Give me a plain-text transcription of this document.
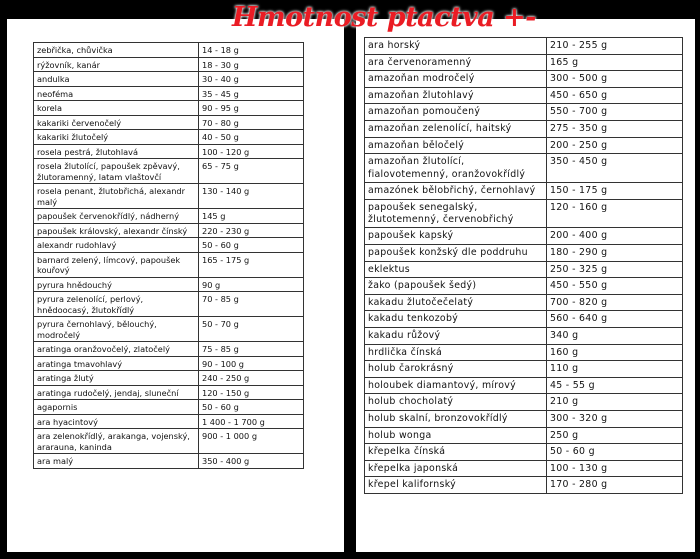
Hmotnost ptactva +-
zebřička, chůvička	14 - 18 g
rýžovník, kanár	18 - 30 g
andulka	30 - 40 g
neoféma	35 - 45 g
korela	90 - 95 g
kakariki červenočelý	70 - 80 g
kakariki žlutočelý	40 - 50 g
rosela pestrá, žlutohlavá	100 - 120 g
rosela žlutolící, papoušek zpěvavý, žlutoramenný, latam vlaštovčí	65 - 75 g
rosela penant, žlutobřichá, alexandr malý	130 - 140 g
papoušek červenokřídlý, nádherný	145 g
papoušek královský, alexandr čínský	220 - 230 g
alexandr rudohlavý	50 - 60 g
barnard zelený, límcový, papoušek kouřový	165 - 175 g
pyrura hnědouchý	90 g
pyrura zelenolící, perlový, hnědoocasý, žlutokřídlý	70 - 85 g
pyrura černohlavý, bělouchý, modročelý	50 - 70 g
aratinga oranžovočelý, zlatočelý	75 - 85 g
aratinga tmavohlavý	90 - 100 g
aratinga žlutý	240 - 250 g
aratinga rudočelý, jendaj, sluneční	120 - 150 g
agapornis	50 - 60 g
ara hyacintový	1 400 - 1 700 g
ara zelenokřídlý, arakanga, vojenský, ararauna, kaninda	900 - 1 000 g
ara malý	350 - 400 g
ara horský	210 - 255 g
ara červenoramenný	165 g
amazoňan modročelý	300 - 500 g
amazoňan žlutohlavý	450 - 650 g
amazoňan pomoučený	550 - 700 g
amazoňan zelenolící, haitský	275 - 350 g
amazoňan běločelý	200 - 250 g
amazoňan žlutolící, fialovotemenný, oranžovokřídlý	350 - 450 g
amazónek bělobřichý, černohlavý	150 - 175 g
papoušek senegalský, žlutotemenný, červenobřichý	120 - 160 g
papoušek kapský	200 - 400 g
papoušek konžský dle poddruhu	180 - 290 g
eklektus	250 - 325 g
žako (papoušek šedý)	450 - 550 g
kakadu žlutočečelatý	700 - 820 g
kakadu tenkozobý	560 - 640 g
kakadu růžový	340 g
hrdlička čínská	160 g
holub čarokrásný	110 g
holoubek diamantový, mírový	45 - 55 g
holub chocholatý	210 g
holub skalní, bronzovokřídlý	300 - 320 g
holub wonga	250 g
křepelka čínská	50 - 60 g
křepelka japonská	100 - 130 g
křepel kalifornský	170 - 280 g
